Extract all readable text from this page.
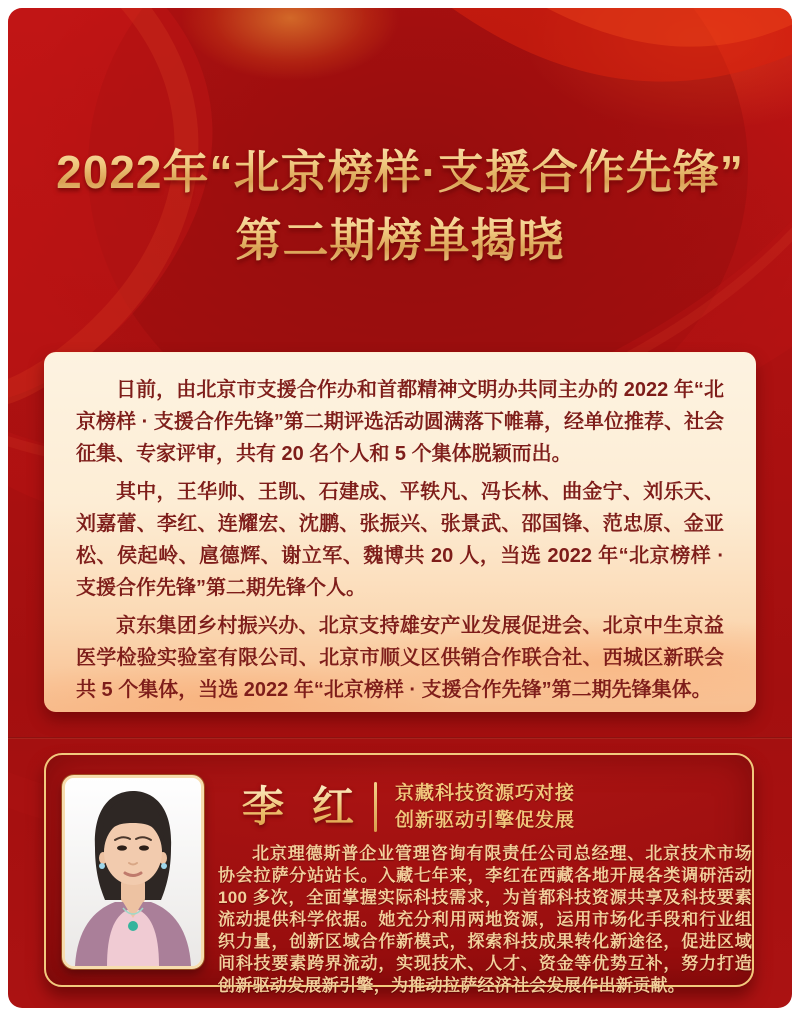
2022年“北京榜样·支援合作先锋”
第二期榜单揭晓

日前，由北京市支援合作办和首都精神文明办共同主办的 2022 年“北京榜样 · 支援合作先锋”第二期评选活动圆满落下帷幕，经单位推荐、社会征集、专家评审，共有 20 名个人和 5 个集体脱颖而出。

其中，王华帅、王凯、石建成、平轶凡、冯长林、曲金宁、刘乐天、刘嘉蕾、李红、连耀宏、沈鹏、张振兴、张景武、邵国锋、范忠原、金亚松、侯起岭、扈德辉、谢立军、魏博共 20 人，当选 2022 年“北京榜样 · 支援合作先锋”第二期先锋个人。

京东集团乡村振兴办、北京支持雄安产业发展促进会、北京中生京益医学检验实验室有限公司、北京市顺义区供销合作联合社、西城区新联会共 5 个集体，当选 2022 年“北京榜样 · 支援合作先锋”第二期先锋集体。

李 红 京藏科技资源巧对接
创新驱动引擎促发展

北京理德斯普企业管理咨询有限责任公司总经理、北京技术市场协会拉萨分站站长。入藏七年来，李红在西藏各地开展各类调研活动 100 多次，全面掌握实际科技需求，为首都科技资源共享及科技要素流动提供科学依据。她充分利用两地资源，运用市场化手段和行业组织力量，创新区域合作新模式，探索科技成果转化新途径，促进区域间科技要素跨界流动，实现技术、人才、资金等优势互补，努力打造创新驱动发展新引擎，为推动拉萨经济社会发展作出新贡献。
